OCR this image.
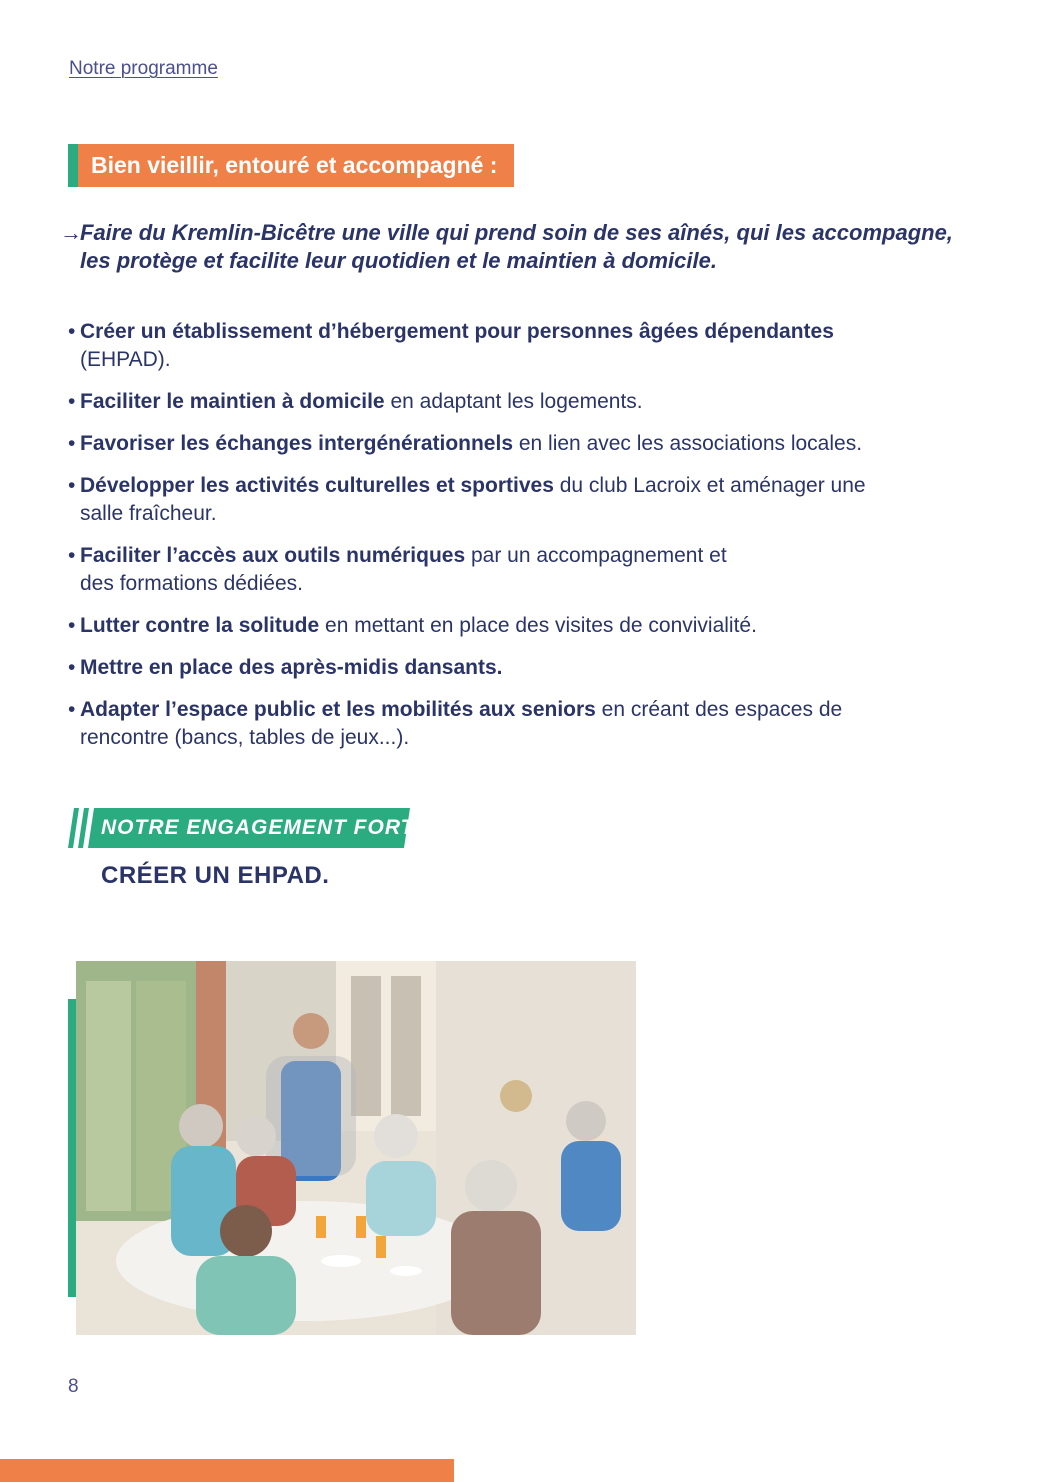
Notre programme
Bien vieillir, entouré et accompagné :
→Faire du Kremlin-Bicêtre une ville qui prend soin de ses aînés, qui les accompagne,
les protège et facilite leur quotidien et le maintien à domicile.
• Créer un établissement d’hébergement pour personnes âgées dépendantes
(EHPAD).
• Faciliter le maintien à domicile en adaptant les logements.
• Favoriser les échanges intergénérationnels en lien avec les associations locales.
• Développer les activités culturelles et sportives du club Lacroix et aménager une salle fraîcheur.
• Faciliter l’accès aux outils numériques par un accompagnement et des formations dédiées.
• Lutter contre la solitude en mettant en place des visites de convivialité.
• Mettre en place des après-midis dansants.
• Adapter l’espace public et les mobilités aux seniors en créant des espaces de rencontre (bancs, tables de jeux...).
NOTRE ENGAGEMENT FORT :
CRÉER UN EHPAD.
8
